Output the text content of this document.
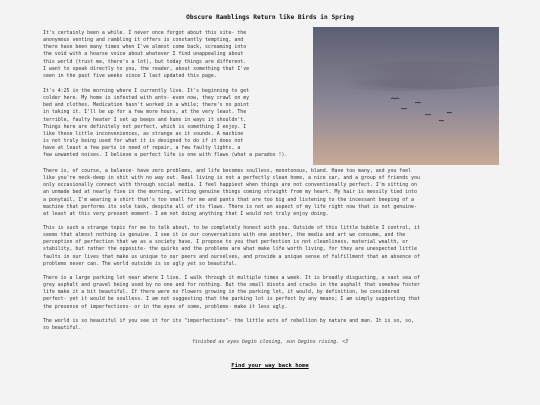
Obscure Ramblings Return like Birds in Spring

It's certainly been a while. I never once forgot about this site- the
anonymous venting and rambling it offers is constantly tempting, and
there have been many times when I've almost come back, screaming into
the void with a hoarse voice about whatever I find unappealing about
this world (trust me, there's a lot), but today things are different.
I want to speak directly to you, the reader, about something that I've
seen in the past five weeks since I last updated this page.

It's 4:25 in the morning where I currently live. It's beginning to get
colder here. My home is infested with ants- even now, they crawl on my
bed and clothes. Medication hasn't worked in a while; there's no point
in taking it. I'll be up for a few more hours, at the very least. The
terrible, faulty heater I set up beeps and hums in ways it shouldn't.
Things here are definitely not perfect, which is something I enjoy. I
like these little inconveniences, as strange as it sounds. A machine
is not truly being used for what it is designed to do if it does not
have at least a few parts in need of repair, a few faulty lights, a
few unwanted noises. I believe a perfect life is one with flaws (what a paradox !).

There is, of course, a balance- have zero problems, and life becomes soulless, monotonous, bland. Have too many, and you feel
like you're neck-deep in shit with no way out. Real living is not a perfectly clean home, a nice car, and a group of friends you
only occasionally connect with through social media. I feel happiest when things are not conventionally perfect. I'm sitting on
an unmade bed at nearly five in the morning, writing genuine things coming straight from my heart. My hair is messily tied into
a ponytail, I'm wearing a shirt that's too small for me and pants that are too big and listening to the incessant beeping of a
machine that performs its sole task, despite all of its flaws. There is not an aspect of my life right now that is not genuine-
at least at this very present moment- I am not doing anything that I would not truly enjoy doing.

This is such a strange topic for me to talk about, to be completely honest with you. Outside of this little bubble I control, it
seems that almost nothing is genuine. I see it in our conversations with one another, the media and art we consume, and the
perception of perfection that we as a society have. I propose to you that perfection is not cleanliness, material wealth, or
stability, but rather the opposite- the quirks and the problems are what make life worth living, for they are unexpected little
faults in our lives that make us unique to our peers and ourselves, and provide a unique sense of fulfillment that an absence of
problems never can. The world outside is so ugly yet so beautiful.

There is a large parking lot near where I live. I walk through it multiple times a week. It is broadly disgusting, a vast sea of
grey asphalt and gravel being used by no one and for nothing. But the small divots and cracks in the asphalt that somehow foster
life make it a bit beautiful. If there were no flowers growing in the parking lot, it would, by definition, be considered
perfect- yet it would be soulless. I am not suggesting that the parking lot is perfect by any means; I am simply suggesting that
the presence of imperfections- or in the eyes of some, problems- make it less ugly.

The world is so beautiful if you see it for its "imperfections"- the little acts of rebellion by nature and man. It is so, so,
so beautiful.

finished as eyes begin closing, sun begins rising. <3
Find your way back home
